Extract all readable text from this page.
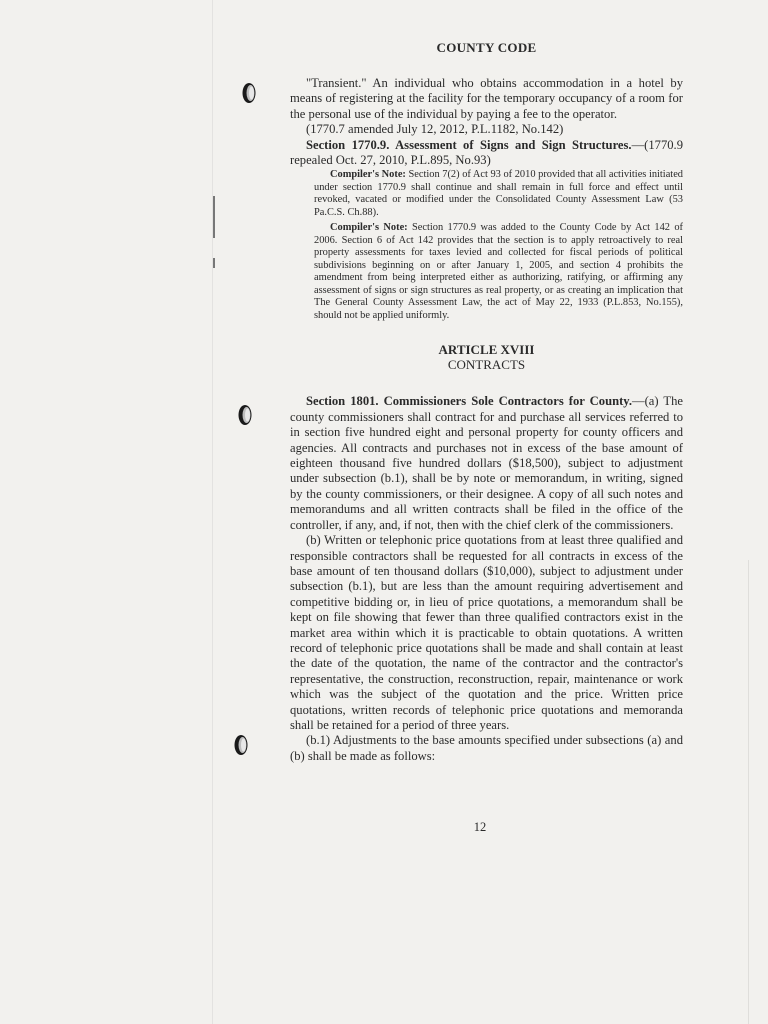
COUNTY CODE

"Transient." An individual who obtains accommodation in a hotel by means of registering at the facility for the temporary occupancy of a room for the personal use of the individual by paying a fee to the operator.

(1770.7 amended July 12, 2012, P.L.1182, No.142)

Section 1770.9. Assessment of Signs and Sign Structures.—(1770.9 repealed Oct. 27, 2010, P.L.895, No.93)

Compiler's Note: Section 7(2) of Act 93 of 2010 provided that all activities initiated under section 1770.9 shall continue and shall remain in full force and effect until revoked, vacated or modified under the Consolidated County Assessment Law (53 Pa.C.S. Ch.88).

Compiler's Note: Section 1770.9 was added to the County Code by Act 142 of 2006. Section 6 of Act 142 provides that the section is to apply retroactively to real property assessments for taxes levied and collected for fiscal periods of political subdivisions beginning on or after January 1, 2005, and section 4 prohibits the amendment from being interpreted either as authorizing, ratifying, or affirming any assessment of signs or sign structures as real property, or as creating an implication that The General County Assessment Law, the act of May 22, 1933 (P.L.853, No.155), should not be applied uniformly.

ARTICLE XVIII
CONTRACTS

Section 1801. Commissioners Sole Contractors for County.—(a) The county commissioners shall contract for and purchase all services referred to in section five hundred eight and personal property for county officers and agencies. All contracts and purchases not in excess of the base amount of eighteen thousand five hundred dollars ($18,500), subject to adjustment under subsection (b.1), shall be by note or memorandum, in writing, signed by the county commissioners, or their designee. A copy of all such notes and memorandums and all written contracts shall be filed in the office of the controller, if any, and, if not, then with the chief clerk of the commissioners.

(b) Written or telephonic price quotations from at least three qualified and responsible contractors shall be requested for all contracts in excess of the base amount of ten thousand dollars ($10,000), subject to adjustment under subsection (b.1), but are less than the amount requiring advertisement and competitive bidding or, in lieu of price quotations, a memorandum shall be kept on file showing that fewer than three qualified contractors exist in the market area within which it is practicable to obtain quotations. A written record of telephonic price quotations shall be made and shall contain at least the date of the quotation, the name of the contractor and the contractor's representative, the construction, reconstruction, repair, maintenance or work which was the subject of the quotation and the price. Written price quotations, written records of telephonic price quotations and memoranda shall be retained for a period of three years.

(b.1) Adjustments to the base amounts specified under subsections (a) and (b) shall be made as follows:

12
